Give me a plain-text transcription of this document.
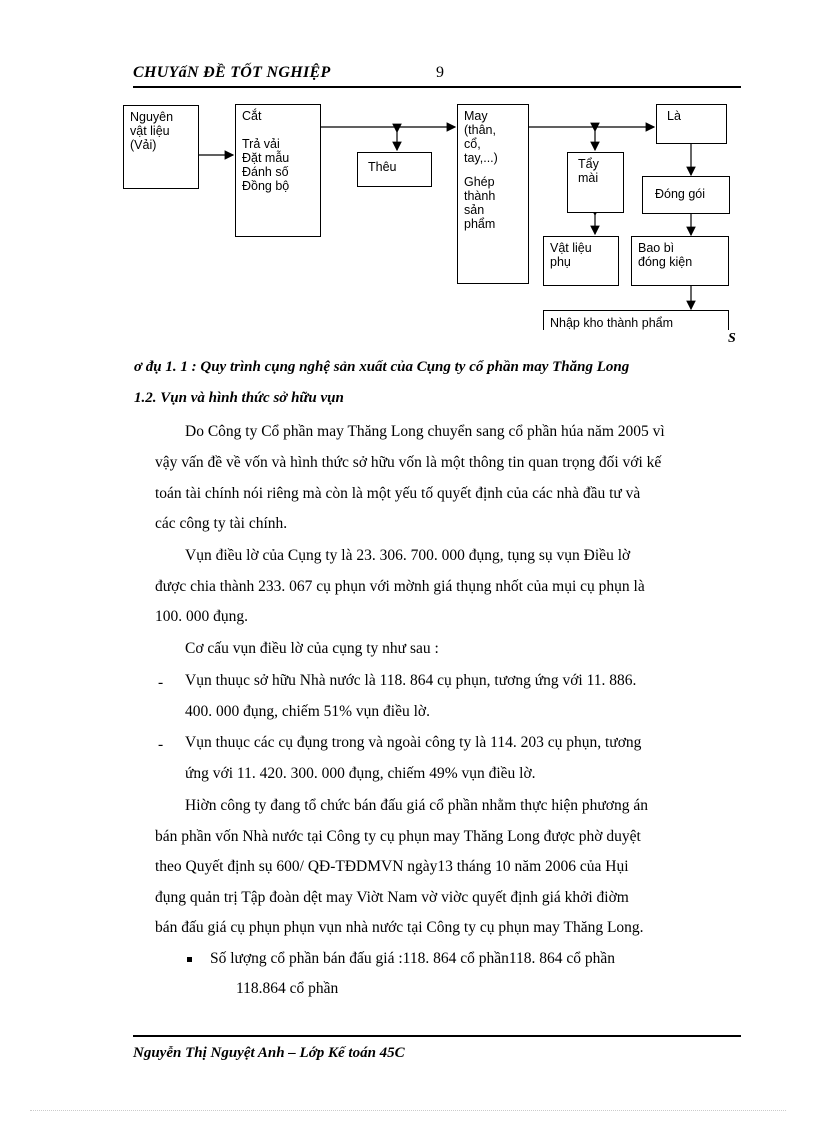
CHUYấN ĐỀ TỐT NGHIỆP	9
Nguyên
vật liệu
(Vải)
Cắt
Trả vải
Đặt mẫu
Đánh số
Đồng bộ
Thêu
May
(thân,
cổ,
tay,...)
Ghép
thành
sản
phẩm
Tẩy
mài
Vật liệu
phụ
Là
Đóng gói
Bao bì
đóng kiện
Nhập kho thành phẩm
S
ơ đụ 1. 1 : Quy trình cụng nghệ sản xuất của Cụng ty cổ phần may Thăng Long
1.2. Vụn và hình thức sở hữu vụn
Do Công ty Cổ phần may Thăng Long chuyển sang cổ phần húa năm 2005 vì
vậy vấn đề về vốn và hình thức sở hữu vốn là một thông tin quan trọng đối với kế
toán tài chính nói riêng mà còn là một yếu tố quyết định của các nhà đầu tư và
các công ty tài chính.
Vụn điều lờ của Cụng ty là 23. 306. 700. 000 đụng, tụng sụ vụn Điều lờ
được chia thành 233. 067 cụ phụn với mờnh giá thụng nhốt của mụi cụ phụn là
100. 000 đụng.
Cơ cấu vụn điều lờ của cụng ty như sau :
- Vụn thuục sở hữu Nhà nước là 118. 864 cụ phụn, tương ứng với 11. 886.
400. 000 đụng, chiếm 51% vụn điều lờ.
- Vụn thuục các cụ đụng trong và ngoài công ty là 114. 203 cụ phụn, tương
ứng với 11. 420. 300. 000 đụng, chiếm 49% vụn điều lờ.
Hiờn công ty đang tổ chức bán đấu giá cổ phần nhằm thực hiện phương án
bán phần vốn Nhà nước tại Công ty cụ phụn may Thăng Long được phờ duyệt
theo Quyết định sụ 600/ QĐ-TĐDMVN ngày13 tháng 10 năm 2006 của Hụi
đụng quản trị Tập đoàn dệt may Viờt Nam vờ viờc quyết định giá khởi điờm
bán đấu giá cụ phụn phụn vụn nhà nước tại Công ty cụ phụn may Thăng Long.
Số lượng cổ phần bán đấu giá :118. 864 cổ phần118. 864 cổ phần
118.864 cổ phần
Nguyễn Thị Nguyệt Anh – Lớp Kế toán 45C
